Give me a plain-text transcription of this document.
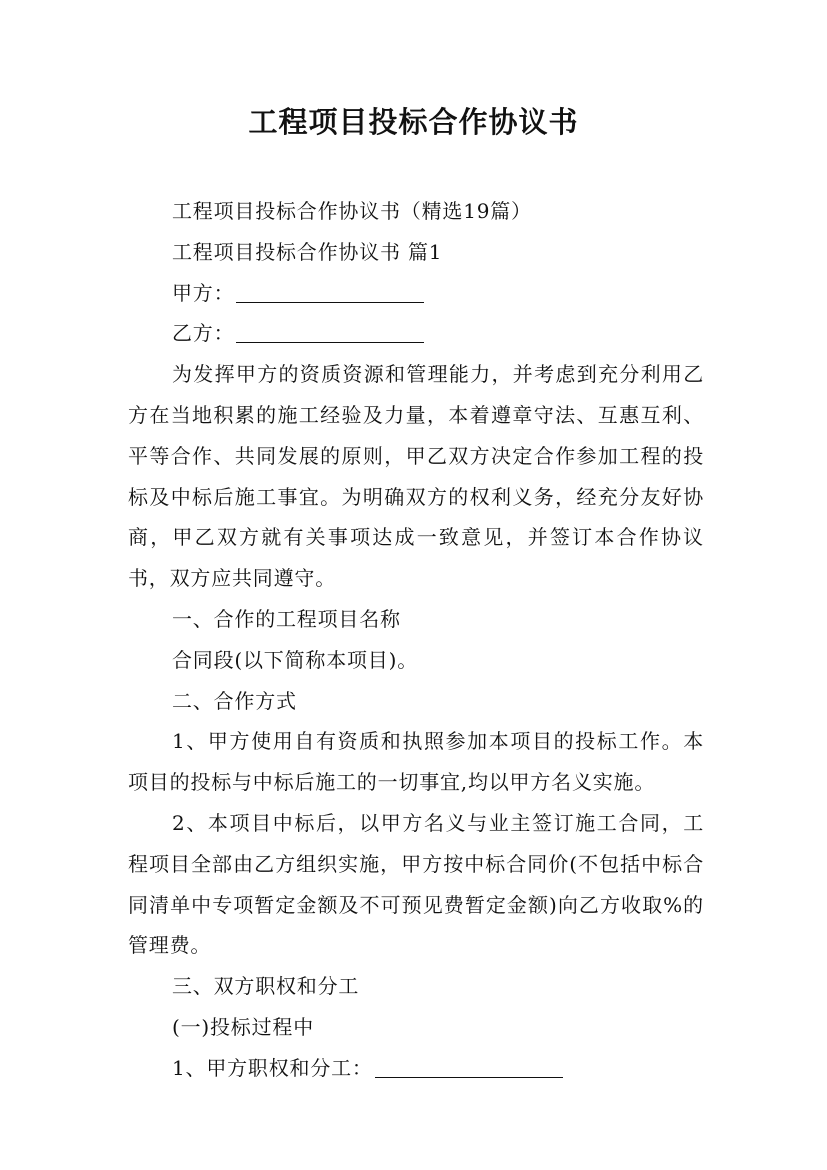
工程项目投标合作协议书

工程项目投标合作协议书（精选19篇）

工程项目投标合作协议书 篇1

甲方：

乙方：

为发挥甲方的资质资源和管理能力，并考虑到充分利用乙方在当地积累的施工经验及力量，本着遵章守法、互惠互利、平等合作、共同发展的原则，甲乙双方决定合作参加工程的投标及中标后施工事宜。为明确双方的权利义务，经充分友好协商，甲乙双方就有关事项达成一致意见，并签订本合作协议书，双方应共同遵守。

一、合作的工程项目名称

合同段(以下简称本项目)。

二、合作方式

1、甲方使用自有资质和执照参加本项目的投标工作。本项目的投标与中标后施工的一切事宜,均以甲方名义实施。

2、本项目中标后，以甲方名义与业主签订施工合同，工程项目全部由乙方组织实施，甲方按中标合同价(不包括中标合同清单中专项暂定金额及不可预见费暂定金额)向乙方收取%的管理费。

三、双方职权和分工

(一)投标过程中

1、甲方职权和分工：
